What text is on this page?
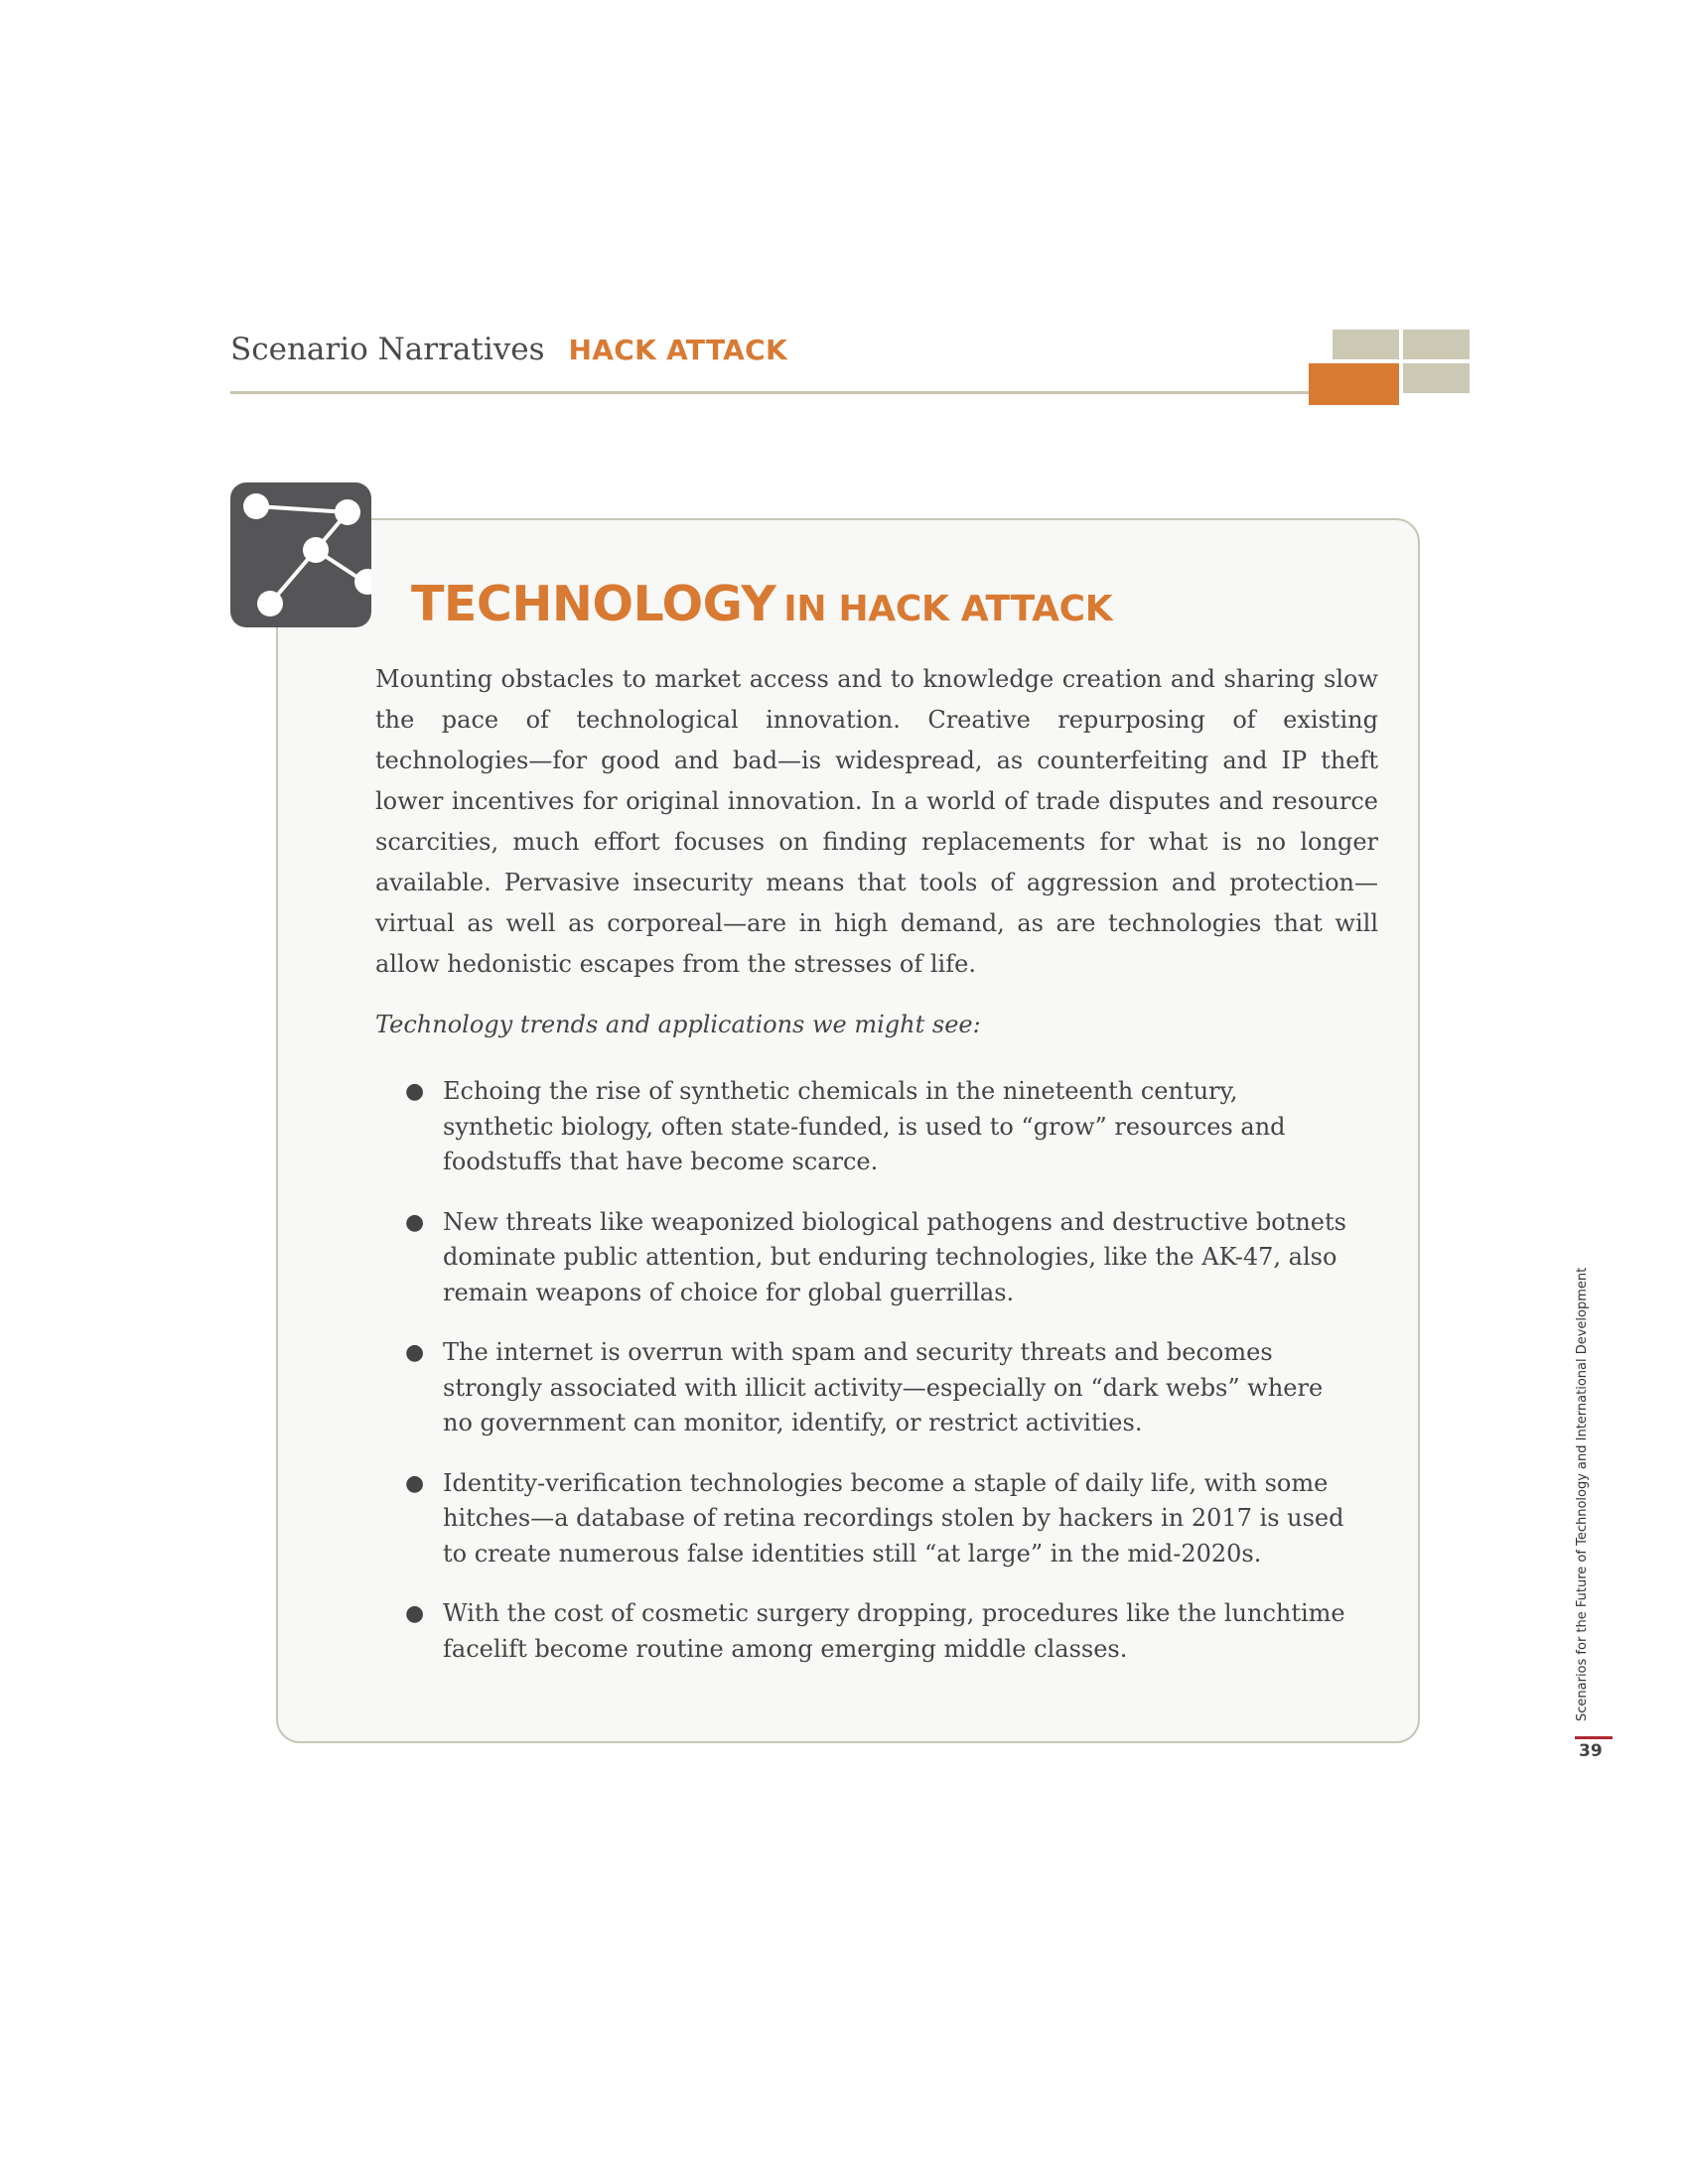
Scenario Narratives HACK ATTACK
TECHNOLOGY IN HACK ATTACK

Mounting obstacles to market access and to knowledge creation and sharing slow the pace of technological innovation. Creative repurposing of existing technologies—for good and bad—is widespread, as counterfeiting and IP theft lower incentives for original innovation. In a world of trade disputes and resource scarcities, much effort focuses on finding replacements for what is no longer available. Pervasive insecurity means that tools of aggression and protection—virtual as well as corporeal—are in high demand, as are technologies that will allow hedonistic escapes from the stresses of life.

Technology trends and applications we might see:

● Echoing the rise of synthetic chemicals in the nineteenth century, synthetic biology, often state-funded, is used to “grow” resources and foodstuffs that have become scarce.
● New threats like weaponized biological pathogens and destructive botnets dominate public attention, but enduring technologies, like the AK-47, also remain weapons of choice for global guerrillas.
● The internet is overrun with spam and security threats and becomes strongly associated with illicit activity—especially on “dark webs” where no government can monitor, identify, or restrict activities.
● Identity-verification technologies become a staple of daily life, with some hitches—a database of retina recordings stolen by hackers in 2017 is used to create numerous false identities still “at large” in the mid-2020s.
● With the cost of cosmetic surgery dropping, procedures like the lunchtime facelift become routine among emerging middle classes.	Scenarios for the Future of Technology and International Development
39
